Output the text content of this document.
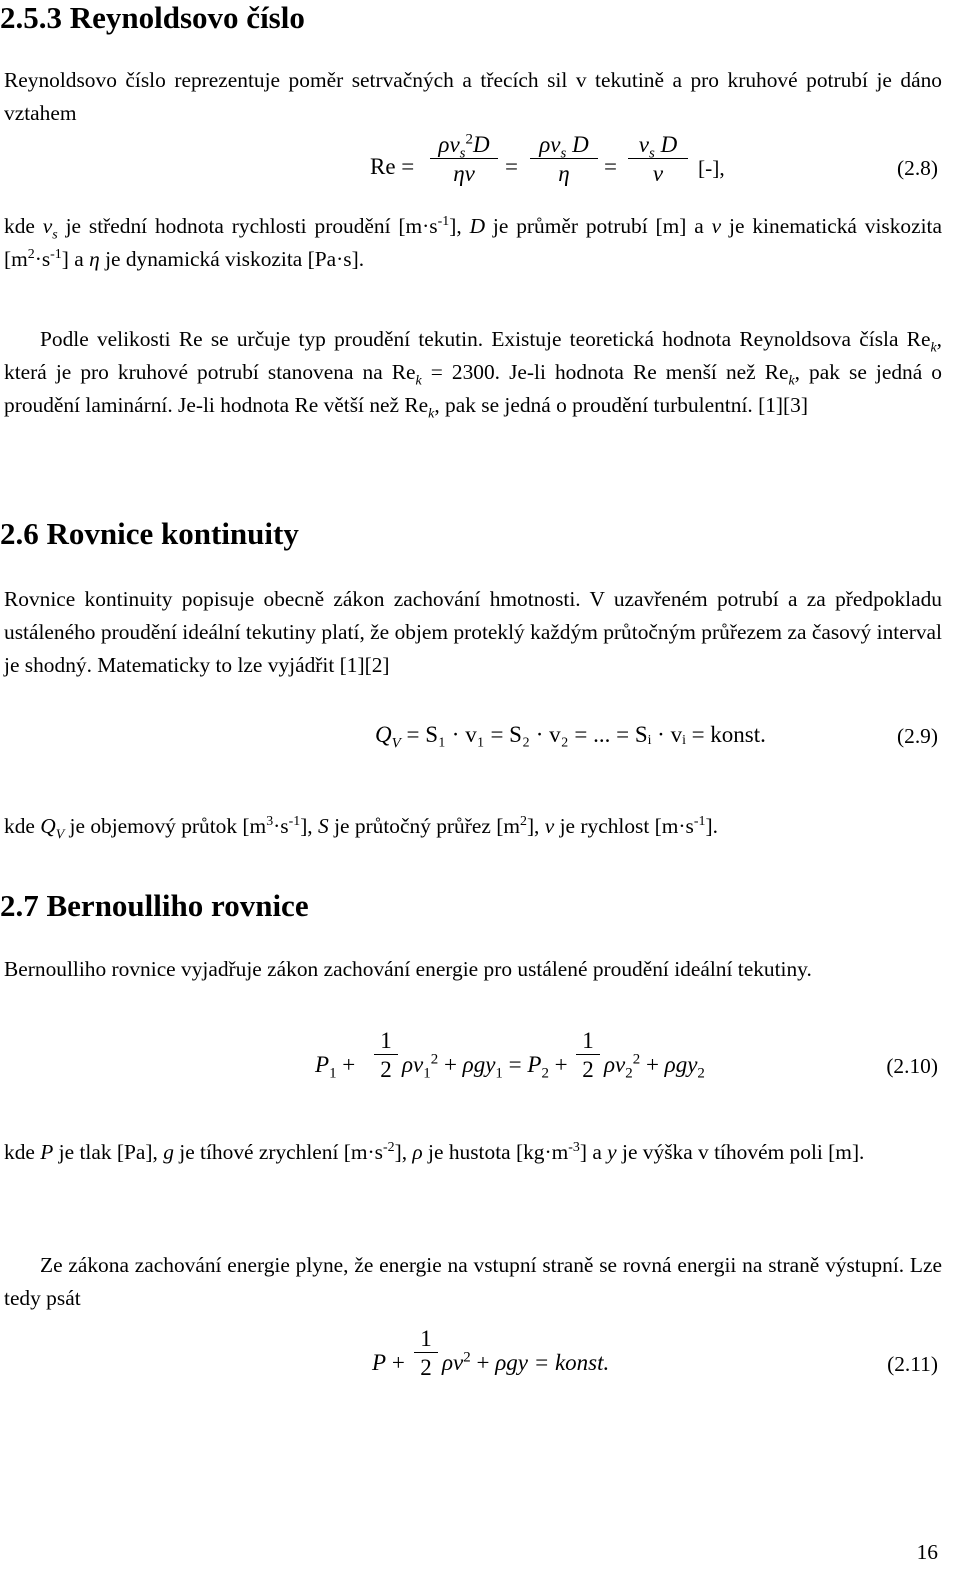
2.5.3 Reynoldsovo číslo

Reynoldsovo číslo reprezentuje poměr setrvačných a třecích sil v tekutině a pro kruhové potrubí je dáno vztahem

Re =
$\rho v_s^2D$
ην	=
$\rho v_s$ D
η	= $\frac{v_s D}{\nu}$ [-],	(2.8)

kde $v_s$ je střední hodnota rychlosti proudění $[m\cdot s^{-1}]$, D je průměr potrubí [m] a ν je kinematická viskozita $[m^2\cdot s^{-1}]$ a η je dynamická viskozita [Pa·s].

Podle velikosti Re se určuje typ proudění tekutin. Existuje teoretická hodnota Reynoldsova čísla $Re_k$, která je pro kruhové potrubí stanovena na $Re_k = 2300$. Je-li hodnota Re menší než $Re_k$, pak se jedná o proudění laminární. Je-li hodnota Re větší než $Re_k$, pak se jedná o proudění turbulentní. [1][3]

2.6 Rovnice kontinuity

Rovnice kontinuity popisuje obecně zákon zachování hmotnosti. V uzavřeném potrubí a za předpokladu ustáleného proudění ideální tekutiny platí, že objem proteklý každým průtočným průřezem za časový interval je shodný. Matematicky to lze vyjádřit [1][2]

$Q_V = S_1 \cdot v_1 = S_2 \cdot v_2$ = ... = Sᵢ · vᵢ = konst.	(2.9)

kde $Q_V$ je objemový průtok $[m^3\cdot s^{-1}]$, S je průtočný průřez $[m^2]$, v je rychlost $[m\cdot s^{-1}]$.

2.7 Bernoulliho rovnice

Bernoulliho rovnice vyjadřuje zákon zachování energie pro ustálené proudění ideální tekutiny.

$P_1 + \frac{1}{2} \rho v_1^2 + \rho gy_1 = P_2 + \frac{1}{2} \rho v_2^2 + \rho gy_2$	(2.10)

kde P je tlak [Pa], g je tíhové zrychlení $[m\cdot s^{-2}]$, ρ je hustota $[kg\cdot m^{-3}]$ a y je výška v tíhovém poli [m].

Ze zákona zachování energie plyne, že energie na vstupní straně se rovná energii na straně výstupní. Lze tedy psát

$P + \frac{1}{2} \rho v^2 + \rho gy$ = konst.	(2.11)
16
